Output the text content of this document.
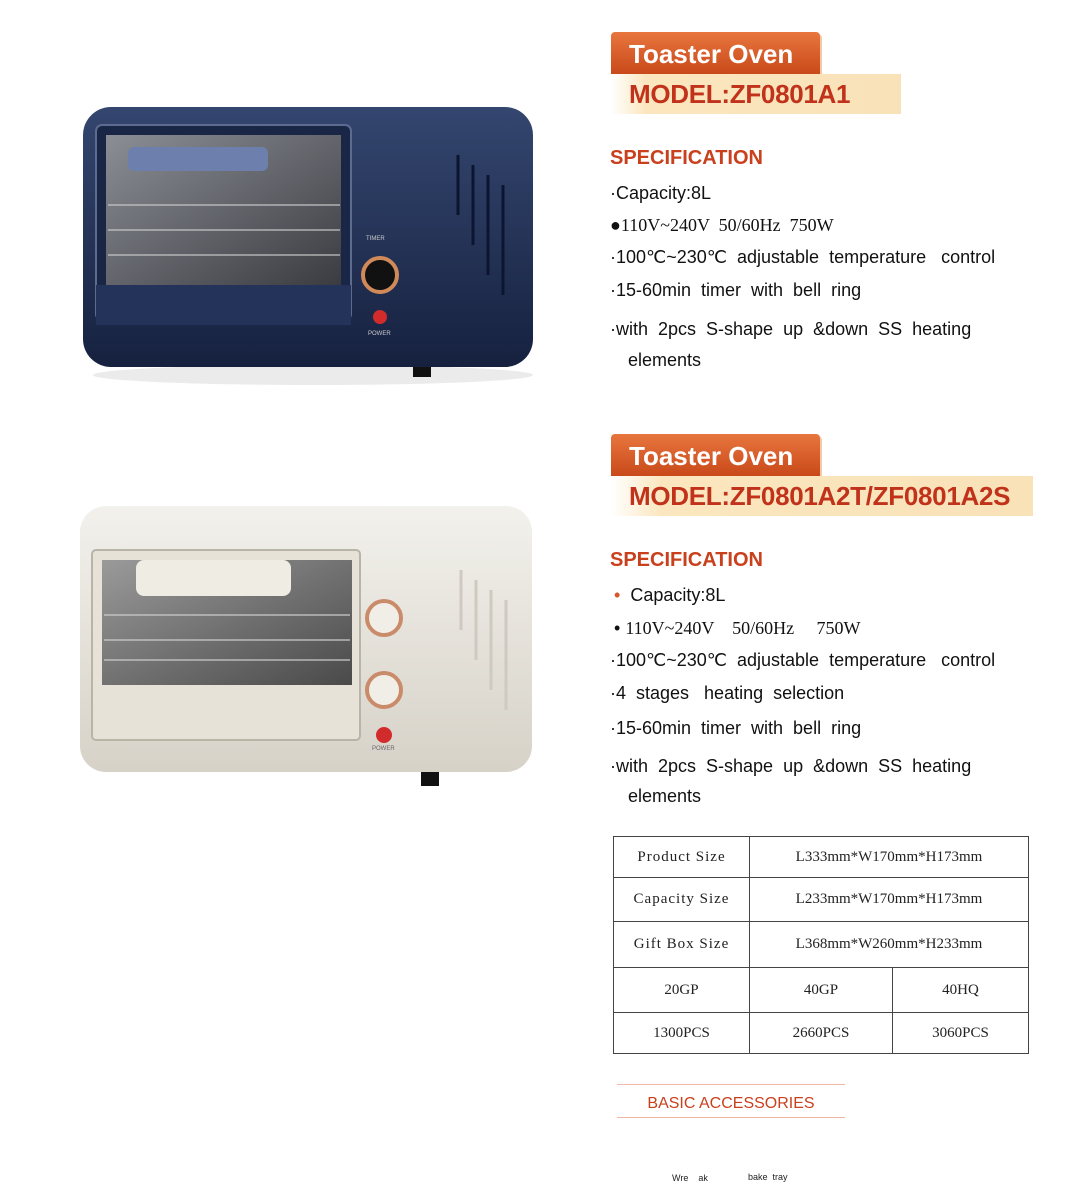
TIMER
POWER
Toaster Oven
MODEL:ZF0801A1
SPECIFICATION
·Capacity:8L
●110V~240V  50/60Hz  750W
·100℃~230℃  adjustable  temperature   control
·15-60min  timer  with  bell  ring
·with  2pcs  S-shape  up  &down  SS  heating
elements
POWER
Toaster Oven
MODEL:ZF0801A2T/ZF0801A2S
SPECIFICATION
• Capacity:8L
• 110V~240V    50/60Hz     750W
·100℃~230℃  adjustable  temperature   control
·4  stages   heating  selection
·15-60min  timer  with  bell  ring
·with  2pcs  S-shape  up  &down  SS  heating
elements
Product Size	L333mm*W170mm*H173mm	
Capacity Size	L233mm*W170mm*H173mm	
Gift Box Size	L368mm*W260mm*H233mm	
20GP	40GP	40HQ
1300PCS	2660PCS	3060PCS
BASIC ACCESSORIES
Wre    ak	bake  tray
